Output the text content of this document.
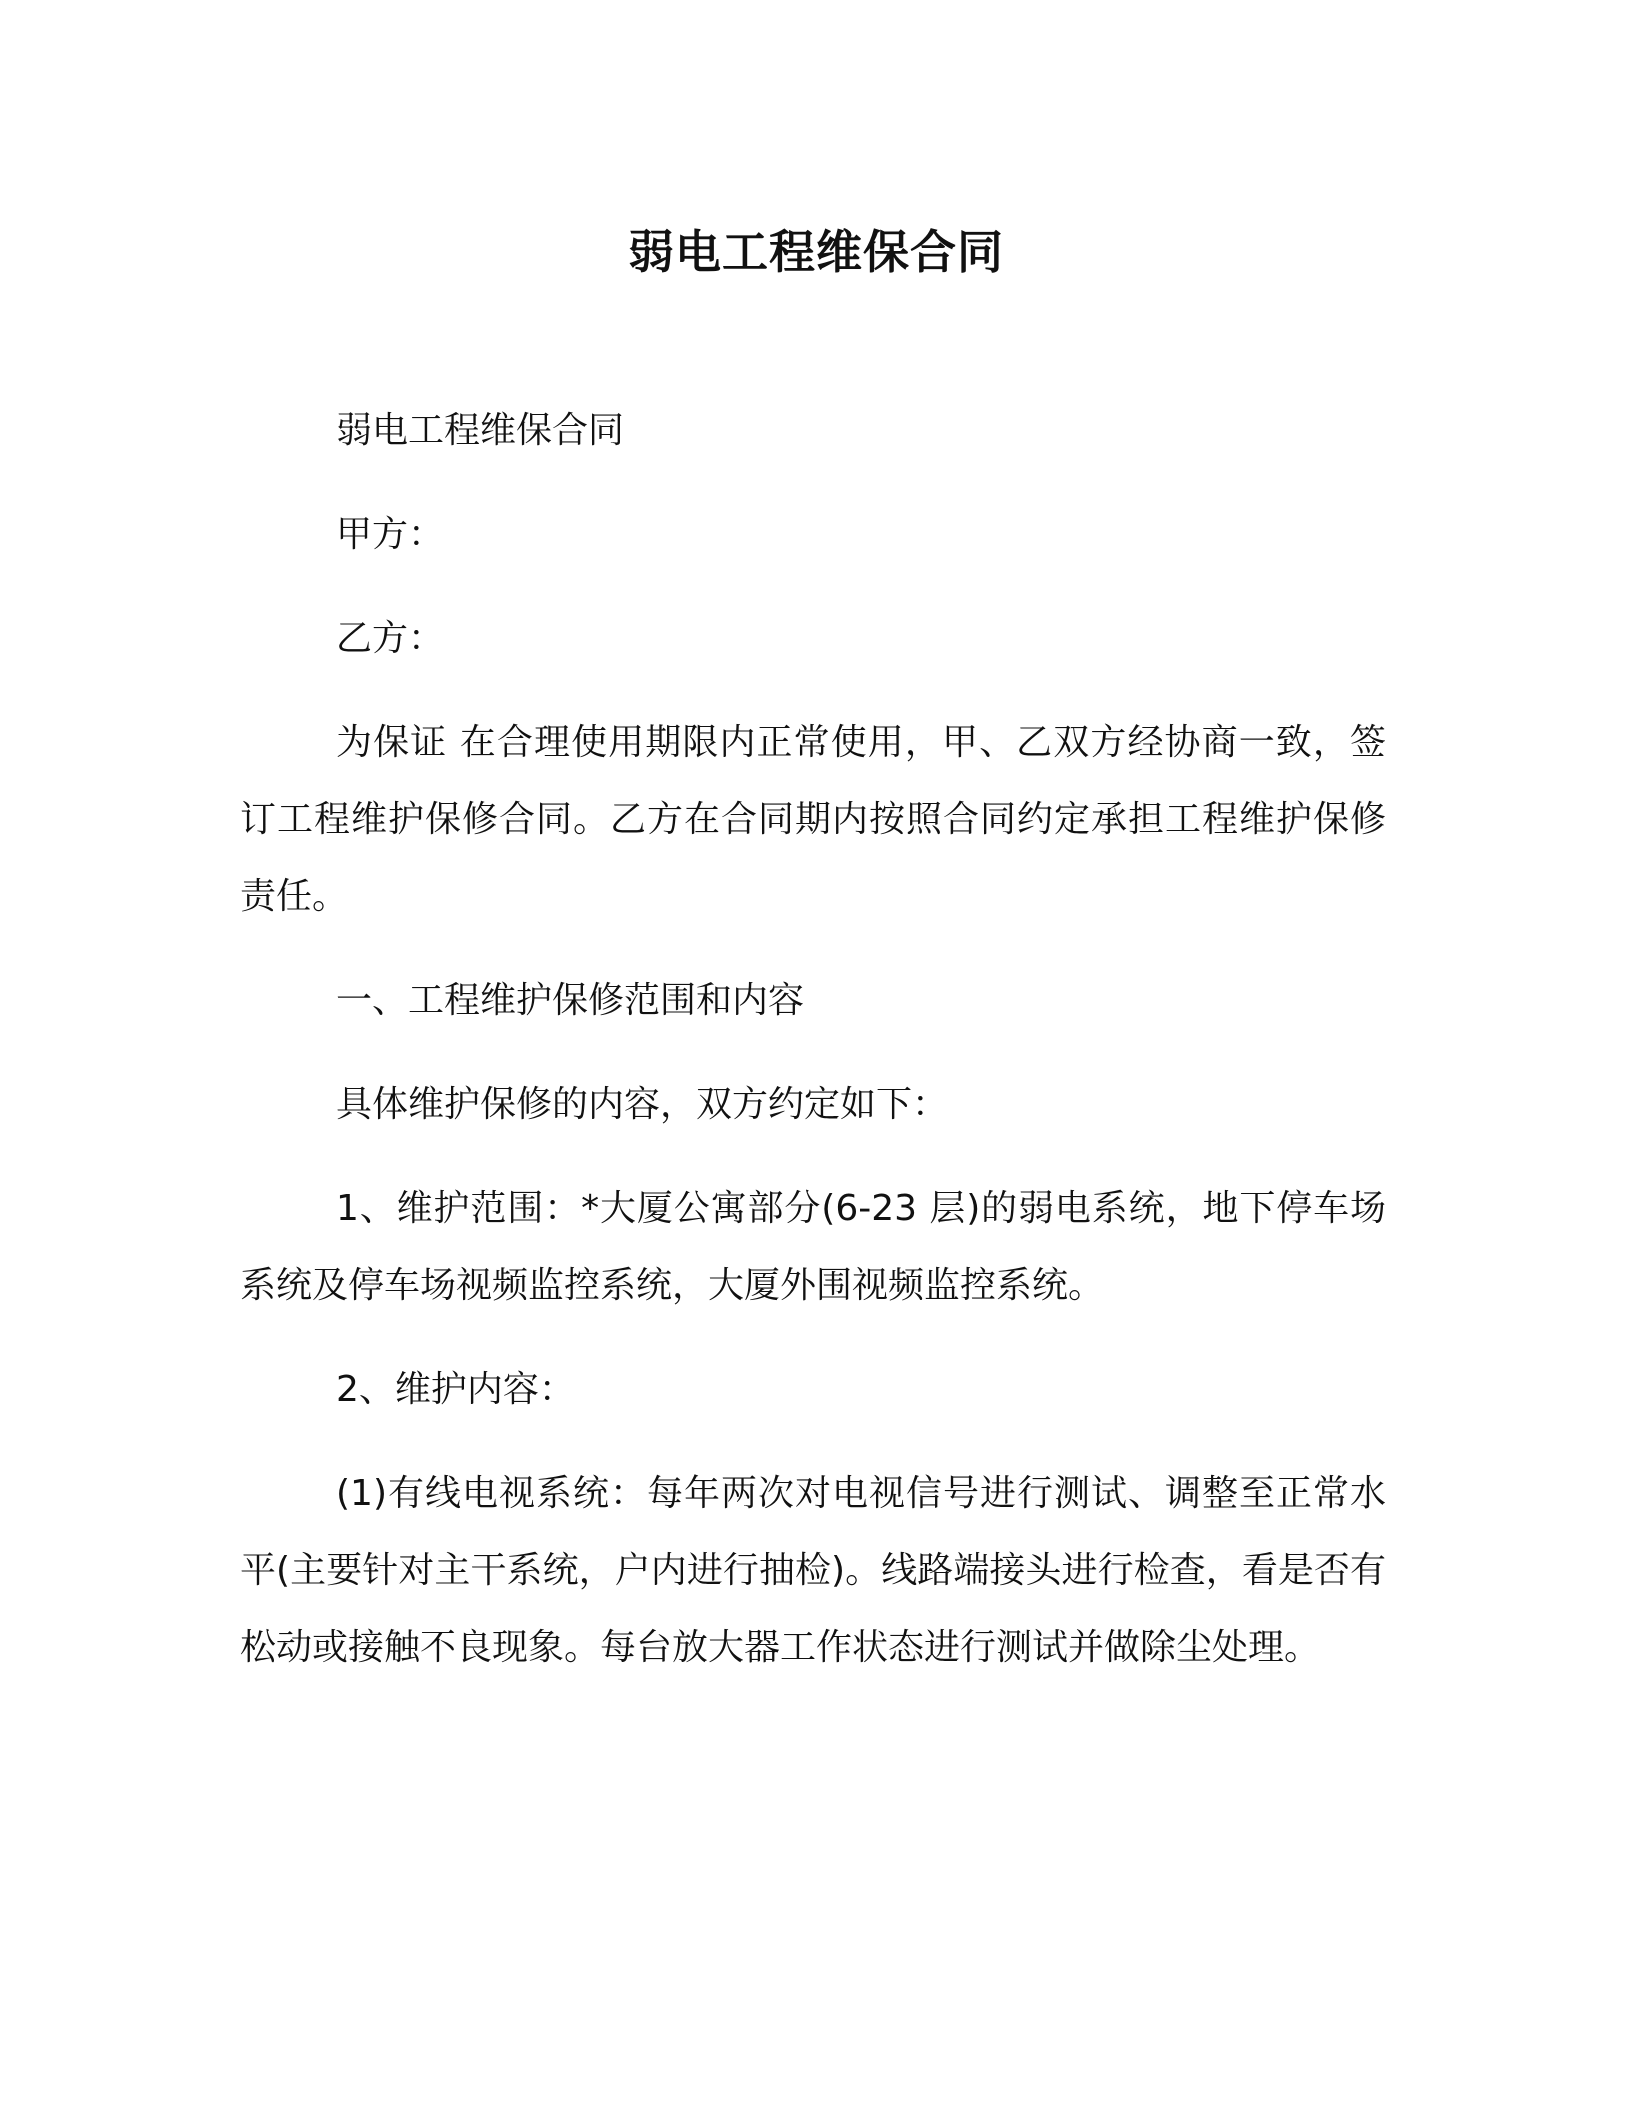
弱电工程维保合同

弱电工程维保合同

甲方：

乙方：

为保证 在合理使用期限内正常使用，甲、乙双方经协商一致，签订工程维护保修合同。乙方在合同期内按照合同约定承担工程维护保修责任。

一、工程维护保修范围和内容

具体维护保修的内容，双方约定如下：

1、维护范围：*大厦公寓部分(6-23 层)的弱电系统，地下停车场系统及停车场视频监控系统，大厦外围视频监控系统。

2、维护内容：

(1)有线电视系统：每年两次对电视信号进行测试、调整至正常水平(主要针对主干系统，户内进行抽检)。线路端接头进行检查，看是否有松动或接触不良现象。每台放大器工作状态进行测试并做除尘处理。
